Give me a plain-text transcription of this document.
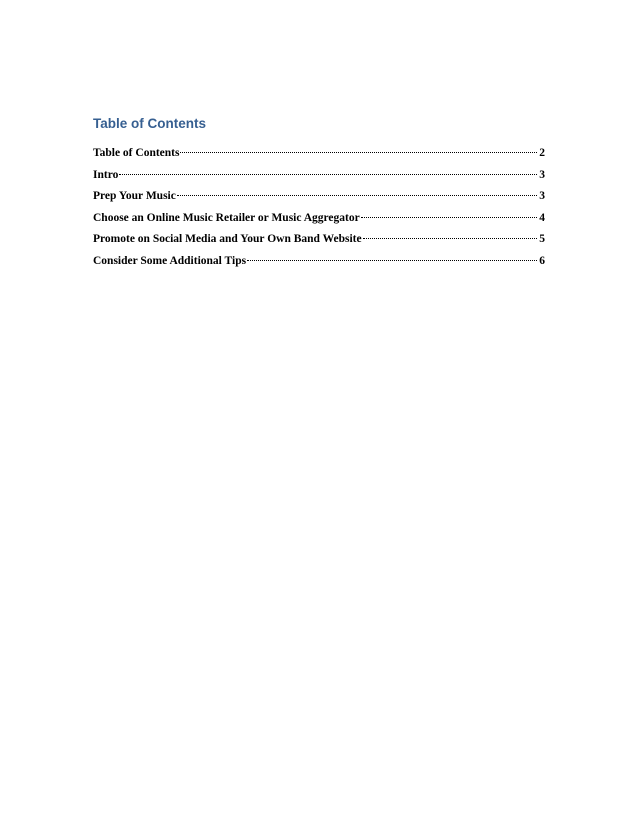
Table of Contents
Table of Contents	2
Intro	3
Prep Your Music	3
Choose an Online Music Retailer or Music Aggregator	4
Promote on Social Media and Your Own Band Website	5
Consider Some Additional Tips	6
